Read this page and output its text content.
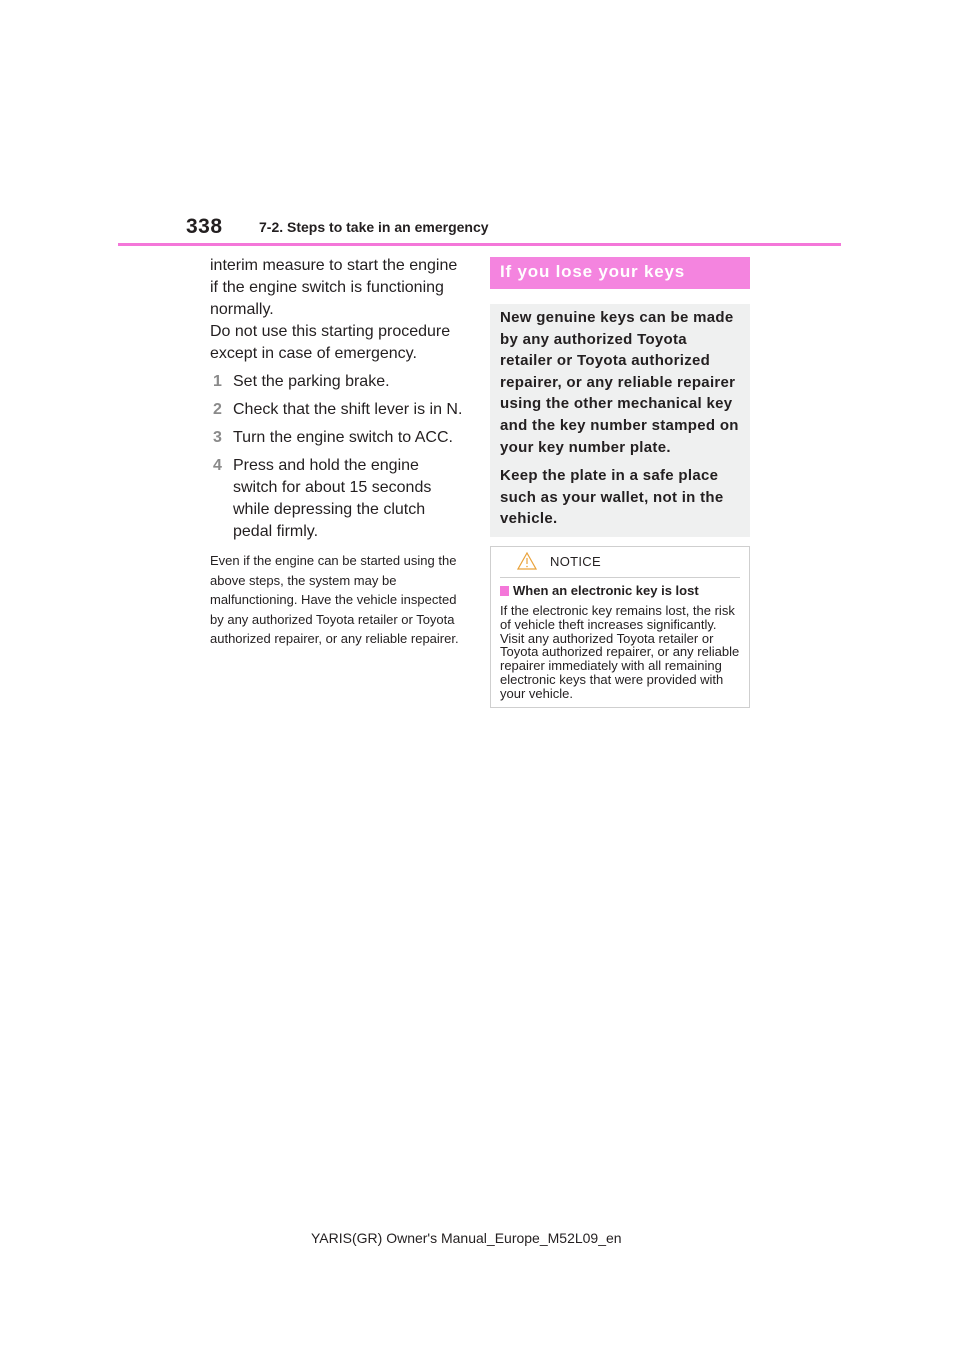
338	7-2. Steps to take in an emergency

interim measure to start the engine

if the engine switch is functioning

normally.

Do not use this starting procedure

except in case of emergency.

1 Set the parking brake.
2 Check that the shift lever is in N.
3 Turn the engine switch to ACC.
4 Press and hold the engine switch for about 15 seconds while depressing the clutch pedal firmly.
Even if the engine can be started using the above steps, the system may be malfunctioning. Have the vehicle inspected by any authorized Toyota retailer or Toyota authorized repairer, or any reliable repairer.
If you lose your keys

New genuine keys can be made by any authorized Toyota retailer or Toyota authorized repairer, or any reliable repairer using the other mechanical key and the key number stamped on your key number plate.

Keep the plate in a safe place such as your wallet, not in the vehicle.

NOTICE
When an electronic key is lost
If the electronic key remains lost, the risk of vehicle theft increases significantly. Visit any authorized Toyota retailer or Toyota authorized repairer, or any reliable repairer immediately with all remaining electronic keys that were provided with your vehicle.
YARIS(GR) Owner's Manual_Europe_M52L09_en
